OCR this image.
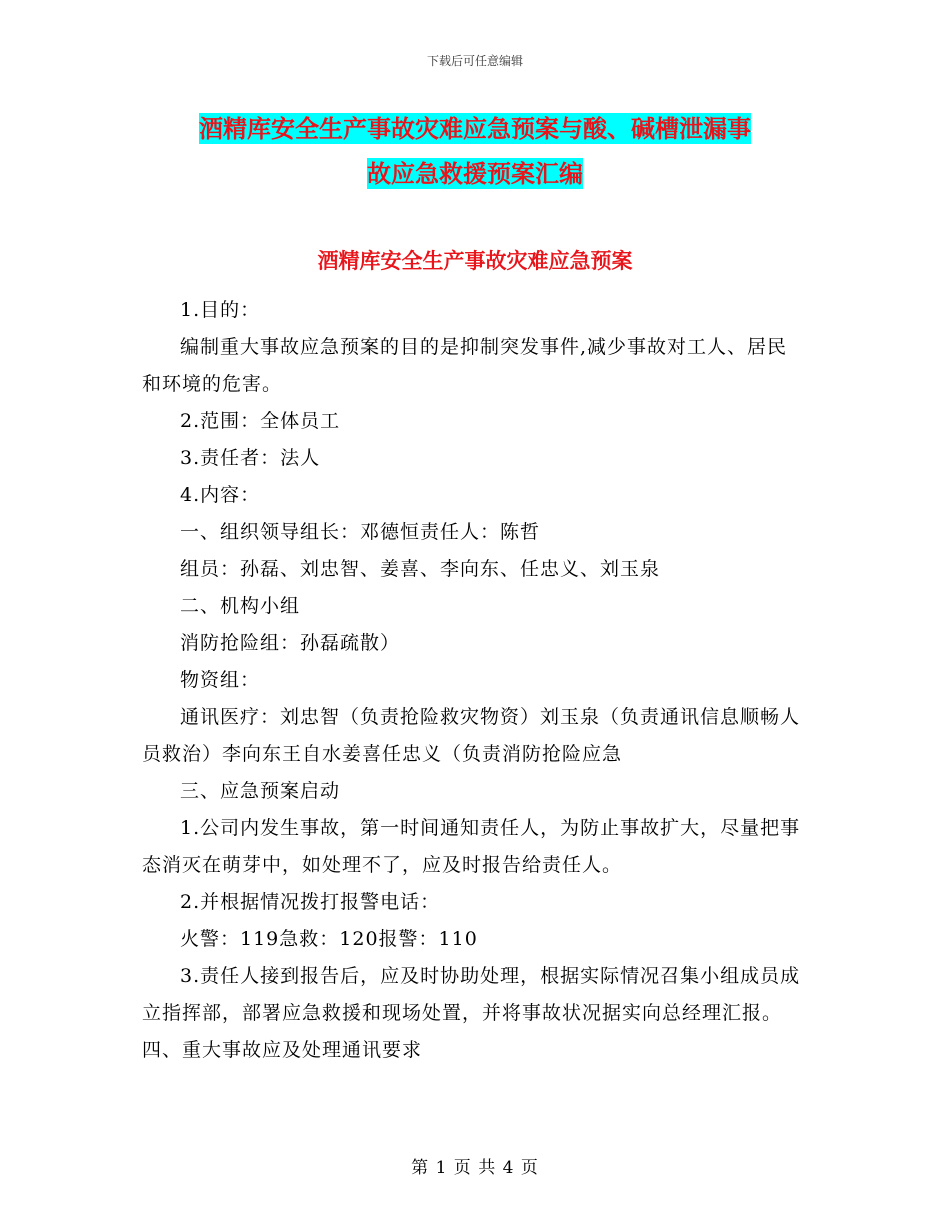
下载后可任意编辑
酒精库安全生产事故灾难应急预案与酸、碱槽泄漏事
故应急救援预案汇编
酒精库安全生产事故灾难应急预案

1.目的：

编制重大事故应急预案的目的是抑制突发事件,减少事故对工人、居民和环境的危害。

2.范围：全体员工

3.责任者：法人

4.内容：

一、组织领导组长：邓德恒责任人：陈哲

组员：孙磊、刘忠智、姜喜、李向东、任忠义、刘玉泉

二、机构小组

消防抢险组：孙磊疏散）

物资组：

通讯医疗：刘忠智（负责抢险救灾物资）刘玉泉（负责通讯信息顺畅人员救治）李向东王自水姜喜任忠义（负责消防抢险应急

三、应急预案启动

1.公司内发生事故，第一时间通知责任人，为防止事故扩大，尽量把事态消灭在萌芽中，如处理不了，应及时报告给责任人。

2.并根据情况拨打报警电话：

火警：119急救：120报警：110

3.责任人接到报告后，应及时协助处理，根据实际情况召集小组成员成立指挥部，部署应急救援和现场处置，并将事故状况据实向总经理汇报。四、重大事故应及处理通讯要求

第 1 页 共 4 页
